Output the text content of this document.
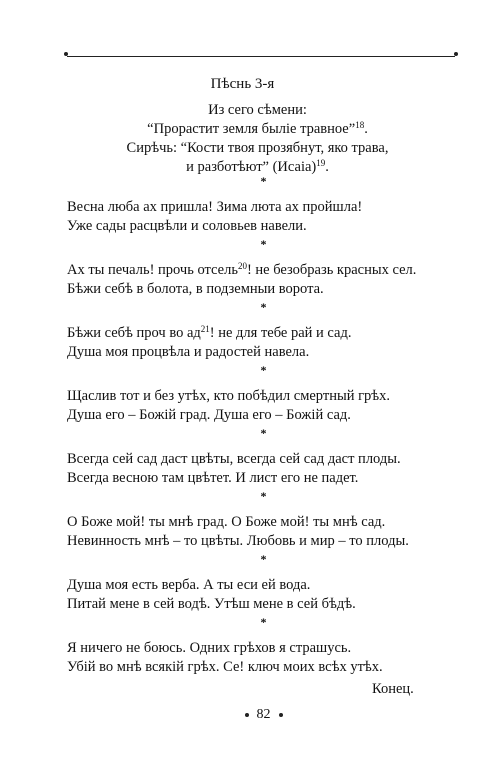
Пѣснь 3-я
Из сего сѣмени:
“Прорастит земля быліе травное”$^{18}$.
Сирѣчь: “Кости твоя прозябнут, яко трава,
и разботѣют” (Исаіа)$^{19}$.
*
Весна люба ах пришла! Зима люта ах пройшла!
Уже сады расцвѣли и соловьев навели.
*
Ах ты печаль! прочь отсель$^{20}$! не безобразь красных сел.
Бѣжи себѣ в болота, в подземныи ворота.
*
Бѣжи себѣ проч во $ад^{21}$! не для тебе рай и сад.
Душа моя процвѣла и радостей навела.
*
Щаслив тот и без утѣх, кто побѣдил смертный грѣх.
Душа его – Божій град. Душа его – Божій сад.
*
Всегда сей сад даст цвѣты, всегда сей сад даст плоды.
Всегда весною там цвѣтет. И лист его не падет.
*
О Боже мой! ты мнѣ град. О Боже мой! ты мнѣ сад.
Невинность мнѣ – то цвѣты. Любовь и мир – то плоды.
*
Душа моя есть верба. А ты еси ей вода.
Питай мене в сей водѣ. Утѣш мене в сей бѣдѣ.
*
Я ничего не боюсь. Одних грѣхов я страшусь.
Убій во мнѣ всякій грѣх. Се! ключ моих всѣх утѣх.
Конец.
82
